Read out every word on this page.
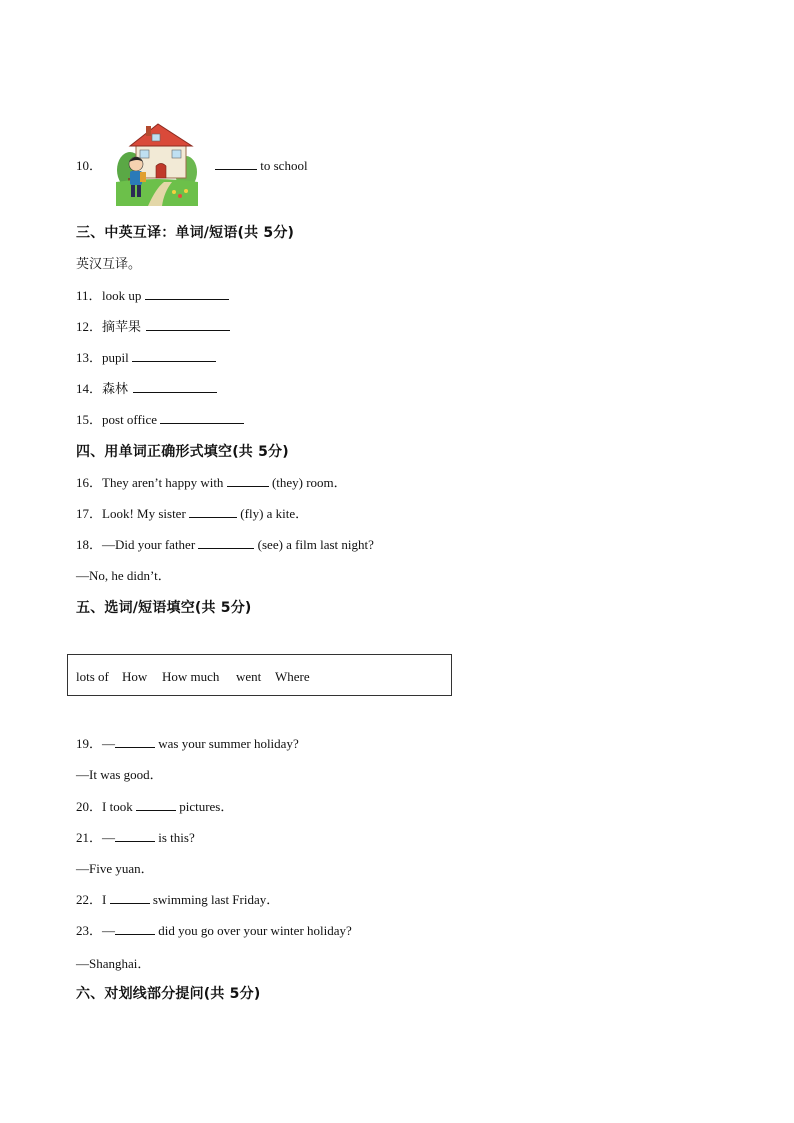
10．	to school
三、中英互译：单词/短语(共 5分)
英汉互译。
11．look up
12．摘苹果
13．pupil
14．森林
15．post office
四、用单词正确形式填空(共 5分)
16．They aren’t happy with	(they) room．
17．Look! My sister	(fly) a kite．
18．—Did your father	(see) a film last night?
—No, he didn’t．
五、选词/短语填空(共 5分)
lots of How How much went Where
19．—	was your summer holiday?
—It was good．
20．I took	pictures．
21．—	is this?
—Five yuan．
22．I	swimming last Friday．
23．—	did you go over your winter holiday?
—Shanghai．
六、对划线部分提问(共 5分)
